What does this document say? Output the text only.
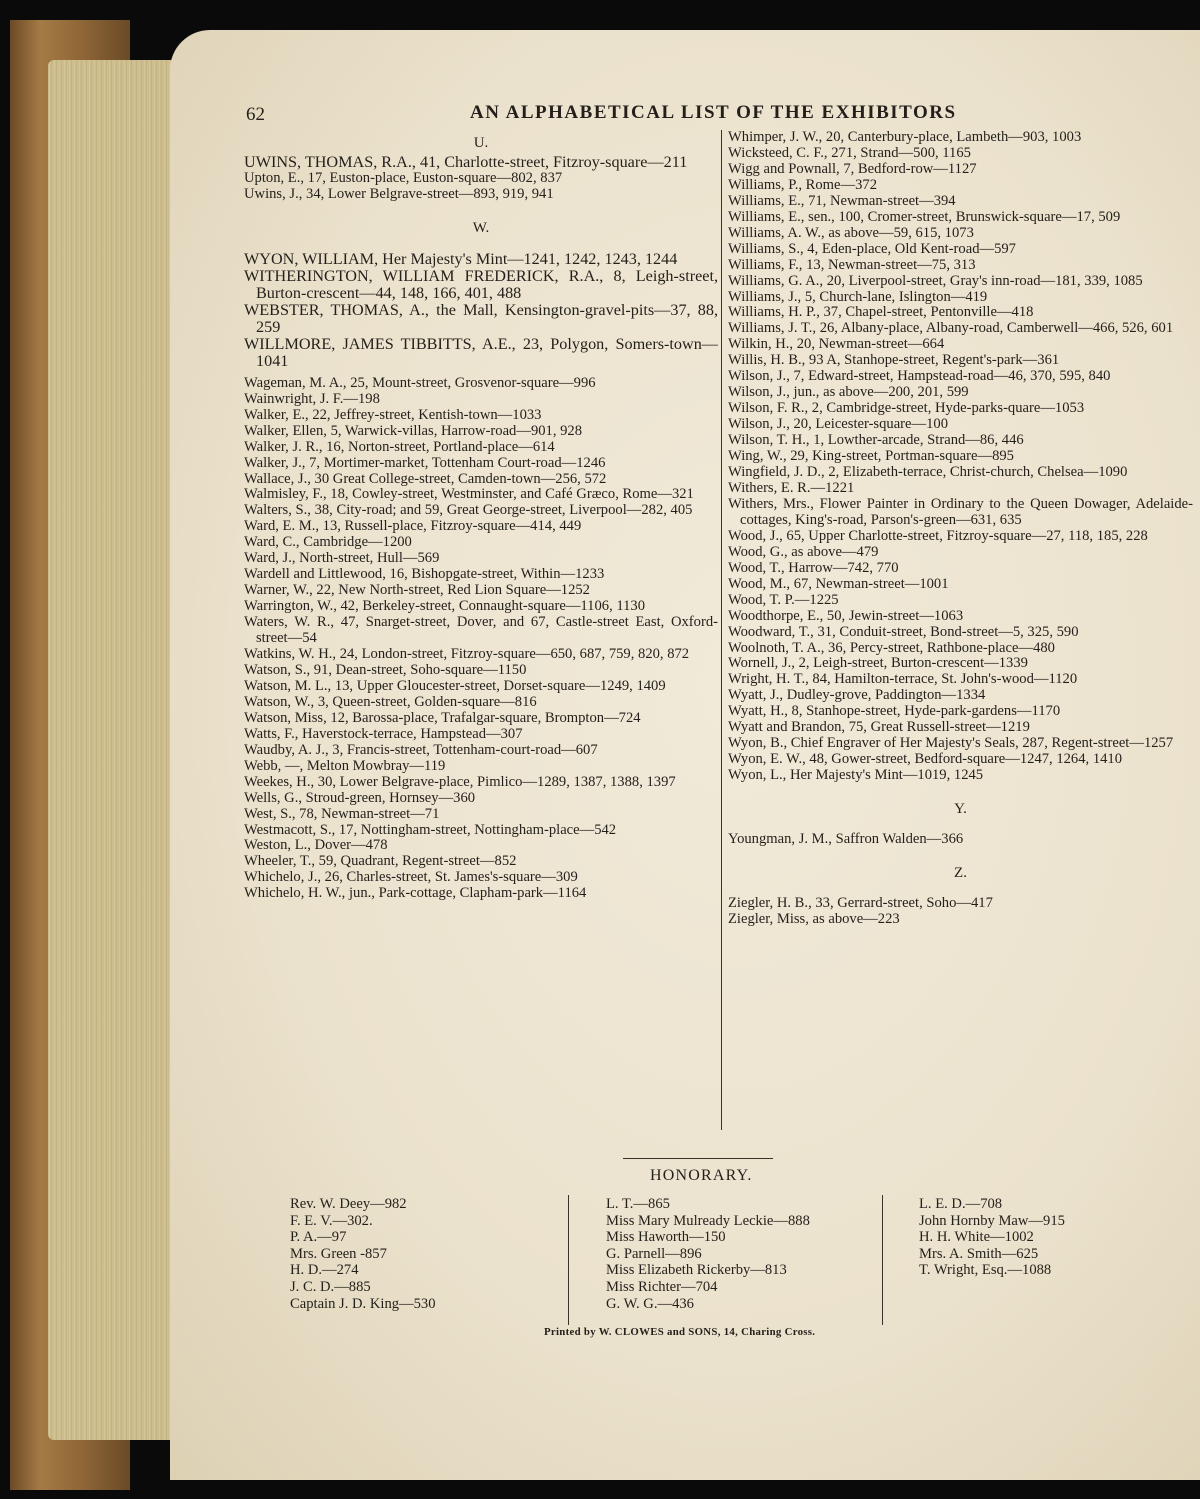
62	AN ALPHABETICAL LIST OF THE EXHIBITORS
U.
UWINS, THOMAS, R.A., 41, Charlotte-street, Fitzroy-square—211
Upton, E., 17, Euston-place, Euston-square—802, 837
Uwins, J., 34, Lower Belgrave-street—893, 919, 941
W.
WYON, WILLIAM, Her Majesty's Mint—1241, 1242, 1243, 1244
WITHERINGTON, WILLIAM FREDERICK, R.A., 8, Leigh-street, Burton-crescent—44, 148, 166, 401, 488
WEBSTER, THOMAS, A., the Mall, Kensington-gravel-pits—37, 88, 259
WILLMORE, JAMES TIBBITTS, A.E., 23, Polygon, Somers-town—1041
Wageman, M. A., 25, Mount-street, Grosvenor-square—996
Wainwright, J. F.—198
Walker, E., 22, Jeffrey-street, Kentish-town—1033
Walker, Ellen, 5, Warwick-villas, Harrow-road—901, 928
Walker, J. R., 16, Norton-street, Portland-place—614
Walker, J., 7, Mortimer-market, Tottenham Court-road—1246
Wallace, J., 30 Great College-street, Camden-town—256, 572
Walmisley, F., 18, Cowley-street, Westminster, and Café Græco, Rome—321
Walters, S., 38, City-road; and 59, Great George-street, Liverpool—282, 405
Ward, E. M., 13, Russell-place, Fitzroy-square—414, 449
Ward, C., Cambridge—1200
Ward, J., North-street, Hull—569
Wardell and Littlewood, 16, Bishopgate-street, Within—1233
Warner, W., 22, New North-street, Red Lion Square—1252
Warrington, W., 42, Berkeley-street, Connaught-square—1106, 1130
Waters, W. R., 47, Snarget-street, Dover, and 67, Castle-street East, Oxford-street—54
Watkins, W. H., 24, London-street, Fitzroy-square—650, 687, 759, 820, 872
Watson, S., 91, Dean-street, Soho-square—1150
Watson, M. L., 13, Upper Gloucester-street, Dorset-square—1249, 1409
Watson, W., 3, Queen-street, Golden-square—816
Watson, Miss, 12, Barossa-place, Trafalgar-square, Brompton—724
Watts, F., Haverstock-terrace, Hampstead—307
Waudby, A. J., 3, Francis-street, Tottenham-court-road—607
Webb, —, Melton Mowbray—119
Weekes, H., 30, Lower Belgrave-place, Pimlico—1289, 1387, 1388, 1397
Wells, G., Stroud-green, Hornsey—360
West, S., 78, Newman-street—71
Westmacott, S., 17, Nottingham-street, Nottingham-place—542
Weston, L., Dover—478
Wheeler, T., 59, Quadrant, Regent-street—852
Whichelo, J., 26, Charles-street, St. James's-square—309
Whichelo, H. W., jun., Park-cottage, Clapham-park—1164
Whimper, J. W., 20, Canterbury-place, Lambeth—903, 1003
Wicksteed, C. F., 271, Strand—500, 1165
Wigg and Pownall, 7, Bedford-row—1127
Williams, P., Rome—372
Williams, E., 71, Newman-street—394
Williams, E., sen., 100, Cromer-street, Brunswick-square—17, 509
Williams, A. W., as above—59, 615, 1073
Williams, S., 4, Eden-place, Old Kent-road—597
Williams, F., 13, Newman-street—75, 313
Williams, G. A., 20, Liverpool-street, Gray's inn-road—181, 339, 1085
Williams, J., 5, Church-lane, Islington—419
Williams, H. P., 37, Chapel-street, Pentonville—418
Williams, J. T., 26, Albany-place, Albany-road, Camberwell—466, 526, 601
Wilkin, H., 20, Newman-street—664
Willis, H. B., 93 A, Stanhope-street, Regent's-park—361
Wilson, J., 7, Edward-street, Hampstead-road—46, 370, 595, 840
Wilson, J., jun., as above—200, 201, 599
Wilson, F. R., 2, Cambridge-street, Hyde-parks-quare—1053
Wilson, J., 20, Leicester-square—100
Wilson, T. H., 1, Lowther-arcade, Strand—86, 446
Wing, W., 29, King-street, Portman-square—895
Wingfield, J. D., 2, Elizabeth-terrace, Christ-church, Chelsea—1090
Withers, E. R.—1221
Withers, Mrs., Flower Painter in Ordinary to the Queen Dowager, Adelaide-cottages, King's-road, Parson's-green—631, 635
Wood, J., 65, Upper Charlotte-street, Fitzroy-square—27, 118, 185, 228
Wood, G., as above—479
Wood, T., Harrow—742, 770
Wood, M., 67, Newman-street—1001
Wood, T. P.—1225
Woodthorpe, E., 50, Jewin-street—1063
Woodward, T., 31, Conduit-street, Bond-street—5, 325, 590
Woolnoth, T. A., 36, Percy-street, Rathbone-place—480
Wornell, J., 2, Leigh-street, Burton-crescent—1339
Wright, H. T., 84, Hamilton-terrace, St. John's-wood—1120
Wyatt, J., Dudley-grove, Paddington—1334
Wyatt, H., 8, Stanhope-street, Hyde-park-gardens—1170
Wyatt and Brandon, 75, Great Russell-street—1219
Wyon, B., Chief Engraver of Her Majesty's Seals, 287, Regent-street—1257
Wyon, E. W., 48, Gower-street, Bedford-square—1247, 1264, 1410
Wyon, L., Her Majesty's Mint—1019, 1245
Y.
Youngman, J. M., Saffron Walden—366
Z.
Ziegler, H. B., 33, Gerrard-street, Soho—417
Ziegler, Miss, as above—223
HONORARY.
Rev. W. Deey—982
F. E. V.—302.
P. A.—97
Mrs. Green -857
H. D.—274
J. C. D.—885
Captain J. D. King—530
L. T.—865
Miss Mary Mulready Leckie—888
Miss Haworth—150
G. Parnell—896
Miss Elizabeth Rickerby—813
Miss Richter—704
G. W. G.—436
L. E. D.—708
John Hornby Maw—915
H. H. White—1002
Mrs. A. Smith—625
T. Wright, Esq.—1088
Printed by W. CLOWES and SONS, 14, Charing Cross.
